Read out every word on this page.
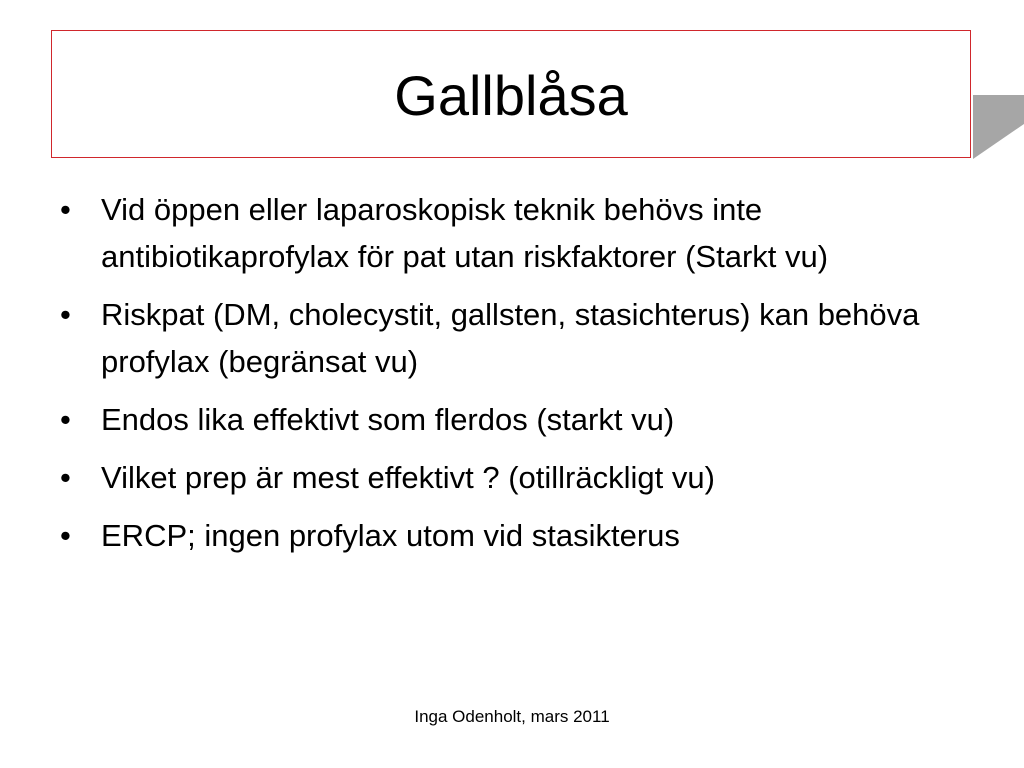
Gallblåsa
• Vid öppen eller laparoskopisk teknik behövs inte antibiotikaprofylax för pat utan riskfaktorer (Starkt vu)
• Riskpat (DM, cholecystit, gallsten, stasichterus) kan behöva profylax (begränsat vu)
• Endos lika effektivt som flerdos (starkt vu)
• Vilket prep är mest effektivt ? (otillräckligt vu)
• ERCP; ingen profylax utom vid stasikterus
Inga Odenholt, mars 2011
